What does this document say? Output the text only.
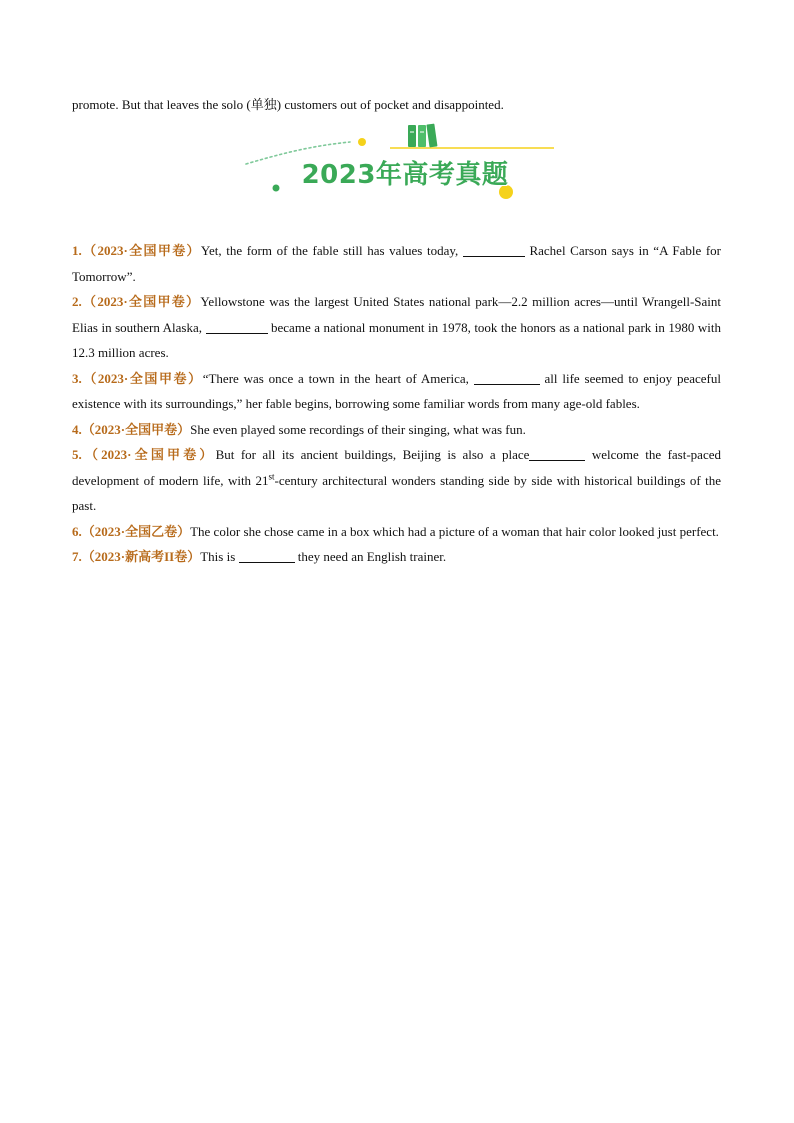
promote. But that leaves the solo (单独) customers out of pocket and disappointed.
2023年高考真题

1.（2023·全国甲卷）Yet, the form of the fable still has values today,	Rachel Carson says in “A Fable for Tomorrow”.

2.（2023·全国甲卷）Yellowstone was the largest United States national park—2.2 million acres—until Wrangell-Saint Elias in southern Alaska,	became a national monument in 1978, took the honors as a national park in 1980 with 12.3 million acres.

3.（2023·全国甲卷）“There was once a town in the heart of America,	all life seemed to enjoy peaceful existence with its surroundings,” her fable begins, borrowing some familiar words from many age-old fables.

4.（2023·全国甲卷）She even played some recordings of their singing, what was fun.

5.（2023·全国甲卷）But for all its ancient buildings, Beijing is also a place	welcome the fast-paced development of modern life, with 21st-century architectural wonders standing side by side with historical buildings of the past.

6.（2023·全国乙卷）The color she chose came in a box which had a picture of a woman that hair color looked just perfect.

7.（2023·新高考II卷）This is	they need an English trainer.
